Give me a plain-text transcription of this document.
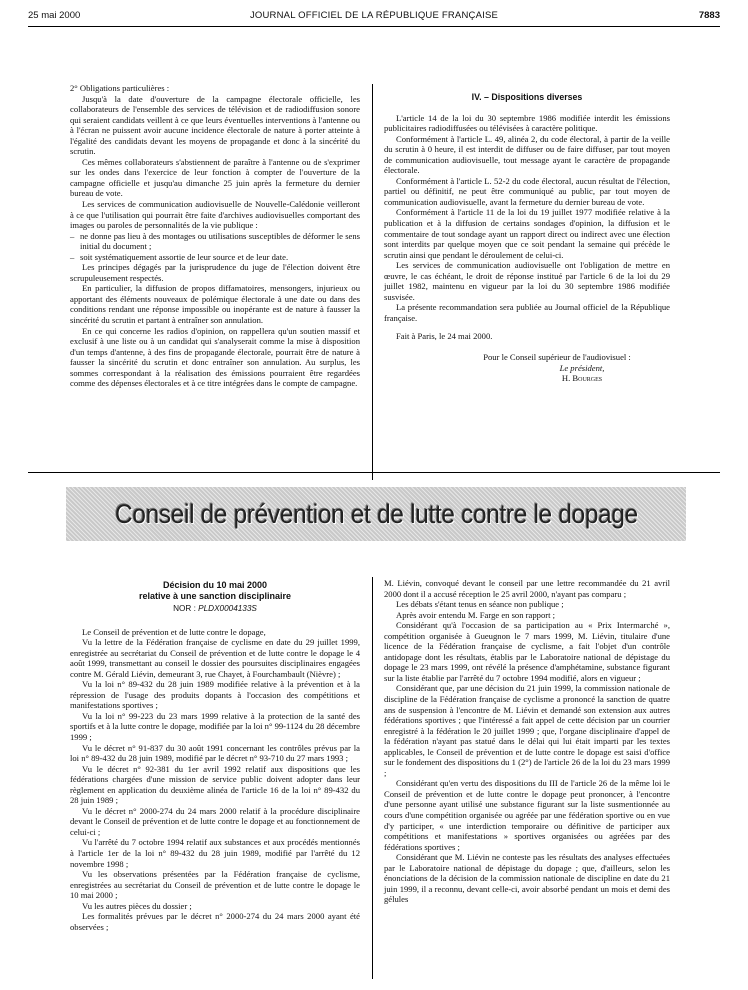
25 mai 2000	JOURNAL OFFICIEL DE LA RÉPUBLIQUE FRANÇAISE	7883

2° Obligations particulières :

Jusqu'à la date d'ouverture de la campagne électorale officielle, les collaborateurs de l'ensemble des services de télévision et de radiodiffusion sonore qui seraient candidats veillent à ce que leurs éventuelles interventions à l'antenne ou à l'écran ne puissent avoir aucune incidence électorale de nature à porter atteinte à l'égalité des candidats devant les moyens de propagande et donc à la sincérité du scrutin.

Ces mêmes collaborateurs s'abstiennent de paraître à l'antenne ou de s'exprimer sur les ondes dans l'exercice de leur fonction à compter de l'ouverture de la campagne officielle et jusqu'au dimanche 25 juin après la fermeture du dernier bureau de vote.

Les services de communication audiovisuelle de Nouvelle-Calédonie veilleront à ce que l'utilisation qui pourrait être faite d'archives audiovisuelles comportant des images ou paroles de personnalités de la vie publique :

– ne donne pas lieu à des montages ou utilisations susceptibles de déformer le sens initial du document ;

– soit systématiquement assortie de leur source et de leur date.

Les principes dégagés par la jurisprudence du juge de l'élection doivent être scrupuleusement respectés.

En particulier, la diffusion de propos diffamatoires, mensongers, injurieux ou apportant des éléments nouveaux de polémique électorale à une date ou dans des conditions rendant une réponse impossible ou inopérante est de nature à fausser la sincérité du scrutin et partant à entraîner son annulation.

En ce qui concerne les radios d'opinion, on rappellera qu'un soutien massif et exclusif à une liste ou à un candidat qui s'analyserait comme la mise à disposition d'un temps d'antenne, à des fins de propagande électorale, pourrait être de nature à fausser la sincérité du scrutin et donc entraîner son annulation. Au surplus, les sommes correspondant à la réalisation des émissions pourraient être regardées comme des dépenses électorales et à ce titre intégrées dans le compte de campagne.

IV. – Dispositions diverses

L'article 14 de la loi du 30 septembre 1986 modifiée interdit les émissions publicitaires radiodiffusées ou télévisées à caractère politique.

Conformément à l'article L. 49, alinéa 2, du code électoral, à partir de la veille du scrutin à 0 heure, il est interdit de diffuser ou de faire diffuser, par tout moyen de communication audiovisuelle, tout message ayant le caractère de propagande électorale.

Conformément à l'article L. 52-2 du code électoral, aucun résultat de l'élection, partiel ou définitif, ne peut être communiqué au public, par tout moyen de communication audiovisuelle, avant la fermeture du dernier bureau de vote.

Conformément à l'article 11 de la loi du 19 juillet 1977 modifiée relative à la publication et à la diffusion de certains sondages d'opinion, la diffusion et le commentaire de tout sondage ayant un rapport direct ou indirect avec une élection sont interdits par quelque moyen que ce soit pendant la semaine qui précède le scrutin ainsi que pendant le déroulement de celui-ci.

Les services de communication audiovisuelle ont l'obligation de mettre en œuvre, le cas échéant, le droit de réponse institué par l'article 6 de la loi du 29 juillet 1982, maintenu en vigueur par la loi du 30 septembre 1986 modifiée susvisée.

La présente recommandation sera publiée au Journal officiel de la République française.

Fait à Paris, le 24 mai 2000.

Pour le Conseil supérieur de l'audiovisuel :
Le président,
H. Bourges
Conseil de prévention et de lutte contre le dopage
Décision du 10 mai 2000
relative à une sanction disciplinaire
NOR : PLDX0004133S

Le Conseil de prévention et de lutte contre le dopage,

Vu la lettre de la Fédération française de cyclisme en date du 29 juillet 1999, enregistrée au secrétariat du Conseil de prévention et de lutte contre le dopage le 4 août 1999, transmettant au conseil le dossier des poursuites disciplinaires engagées contre M. Gérald Liévin, demeurant 3, rue Chayet, à Fourchambault (Nièvre) ;

Vu la loi n° 89-432 du 28 juin 1989 modifiée relative à la prévention et à la répression de l'usage des produits dopants à l'occasion des compétitions et manifestations sportives ;

Vu la loi n° 99-223 du 23 mars 1999 relative à la protection de la santé des sportifs et à la lutte contre le dopage, modifiée par la loi n° 99-1124 du 28 décembre 1999 ;

Vu le décret n° 91-837 du 30 août 1991 concernant les contrôles prévus par la loi n° 89-432 du 28 juin 1989, modifié par le décret n° 93-710 du 27 mars 1993 ;

Vu le décret n° 92-381 du 1er avril 1992 relatif aux dispositions que les fédérations chargées d'une mission de service public doivent adopter dans leur règlement en application du deuxième alinéa de l'article 16 de la loi n° 89-432 du 28 juin 1989 ;

Vu le décret n° 2000-274 du 24 mars 2000 relatif à la procédure disciplinaire devant le Conseil de prévention et de lutte contre le dopage et au fonctionnement de celui-ci ;

Vu l'arrêté du 7 octobre 1994 relatif aux substances et aux procédés mentionnés à l'article 1er de la loi n° 89-432 du 28 juin 1989, modifié par l'arrêté du 12 novembre 1998 ;

Vu les observations présentées par la Fédération française de cyclisme, enregistrées au secrétariat du Conseil de prévention et de lutte contre le dopage le 10 mai 2000 ;

Vu les autres pièces du dossier ;

Les formalités prévues par le décret n° 2000-274 du 24 mars 2000 ayant été observées ;

M. Liévin, convoqué devant le conseil par une lettre recommandée du 21 avril 2000 dont il a accusé réception le 25 avril 2000, n'ayant pas comparu ;

Les débats s'étant tenus en séance non publique ;

Après avoir entendu M. Farge en son rapport ;

Considérant qu'à l'occasion de sa participation au « Prix Intermarché », compétition organisée à Gueugnon le 7 mars 1999, M. Liévin, titulaire d'une licence de la Fédération française de cyclisme, a fait l'objet d'un contrôle antidopage dont les résultats, établis par le Laboratoire national de dépistage du dopage le 23 mars 1999, ont révélé la présence d'amphétamine, substance figurant sur la liste établie par l'arrêté du 7 octobre 1994 modifié, alors en vigueur ;

Considérant que, par une décision du 21 juin 1999, la commission nationale de discipline de la Fédération française de cyclisme a prononcé la sanction de quatre ans de suspension à l'encontre de M. Liévin et demandé son extension aux autres fédérations sportives ; que l'intéressé a fait appel de cette décision par un courrier enregistré à la fédération le 20 juillet 1999 ; que, l'organe disciplinaire d'appel de la fédération n'ayant pas statué dans le délai qui lui était imparti par les textes applicables, le Conseil de prévention et de lutte contre le dopage est saisi d'office sur le fondement des dispositions du 1 (2°) de l'article 26 de la loi du 23 mars 1999 ;

Considérant qu'en vertu des dispositions du III de l'article 26 de la même loi le Conseil de prévention et de lutte contre le dopage peut prononcer, à l'encontre d'une personne ayant utilisé une substance figurant sur la liste susmentionnée au cours d'une compétition organisée ou agréée par une fédération sportive ou en vue d'y participer, « une interdiction temporaire ou définitive de participer aux compétitions et manifestations » sportives organisées ou agréées par des fédérations sportives ;

Considérant que M. Liévin ne conteste pas les résultats des analyses effectuées par le Laboratoire national de dépistage du dopage ; que, d'ailleurs, selon les énonciations de la décision de la commission nationale de discipline en date du 21 juin 1999, il a reconnu, devant celle-ci, avoir absorbé pendant un mois et demi des gélules
